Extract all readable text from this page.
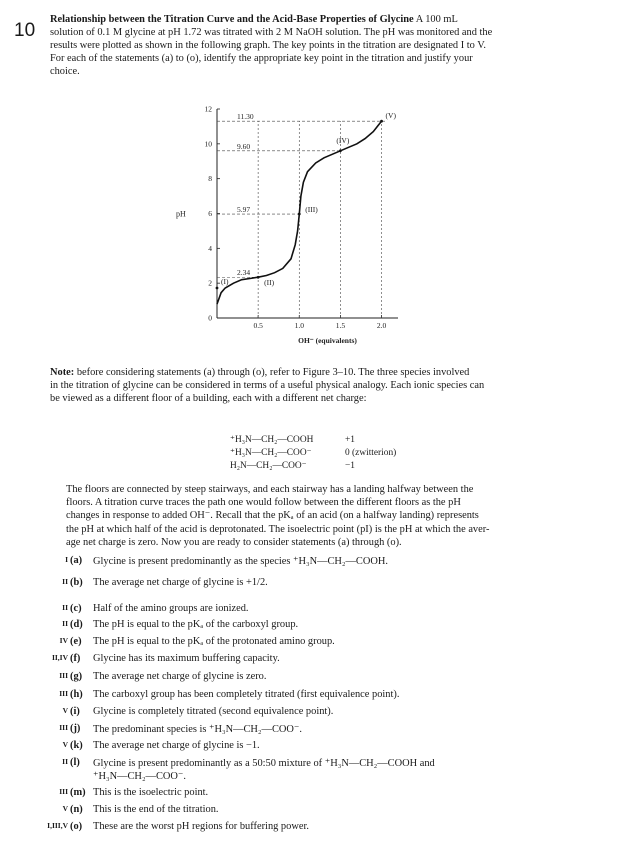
10
Relationship between the Titration Curve and the Acid-Base Properties of Glycine A 100 mL
solution of 0.1 M glycine at pH 1.72 was titrated with 2 M NaOH solution. The pH was monitored and the
results were plotted as shown in the following graph. The key points in the titration are designated I to V.
For each of the statements (a) to (o), identify the appropriate key point in the titration and justify your
choice.
0
2
4
6
8
10
12
0.5	1.0	1.5	2.0
11.30
9.60
5.97
2.34
(I)	(II)
(III)
(IV)
(V)
pH
OH⁻ (equivalents)
Note: before considering statements (a) through (o), refer to Figure 3–10. The three species involved
in the titration of glycine can be considered in terms of a useful physical analogy. Each ionic species can
be viewed as a different floor of a building, each with a different net charge:
⁺H₃N—CH₂—COOH	+1
⁺H₃N—CH₂—COO⁻	0 (zwitterion)
H₂N—CH₂—COO⁻	−1
The floors are connected by steep stairways, and each stairway has a landing halfway between the
floors. A titration curve traces the path one would follow between the different floors as the pH
changes in response to added OH⁻. Recall that the pKₐ of an acid (on a halfway landing) represents
the pH at which half of the acid is deprotonated. The isoelectric point (pI) is the pH at which the aver-
age net charge is zero. Now you are ready to consider statements (a) through (o).
I (a) Glycine is present predominantly as the species ⁺H₃N—CH₂—COOH.
II (b) The average net charge of glycine is +1/2.
II (c) Half of the amino groups are ionized.
II (d) The pH is equal to the pKₐ of the carboxyl group.
IV (e) The pH is equal to the pKₐ of the protonated amino group.
II,IV (f) Glycine has its maximum buffering capacity.
III (g) The average net charge of glycine is zero.
III (h) The carboxyl group has been completely titrated (first equivalence point).
V (i) Glycine is completely titrated (second equivalence point).
III (j) The predominant species is ⁺H₃N—CH₂—COO⁻.
V (k) The average net charge of glycine is −1.
II (l) Glycine is present predominantly as a 50:50 mixture of ⁺H₃N—CH₂—COOH and
⁺H₃N—CH₂—COO⁻.
III (m) This is the isoelectric point.
V (n) This is the end of the titration.
I,III,V (o) These are the worst pH regions for buffering power.
